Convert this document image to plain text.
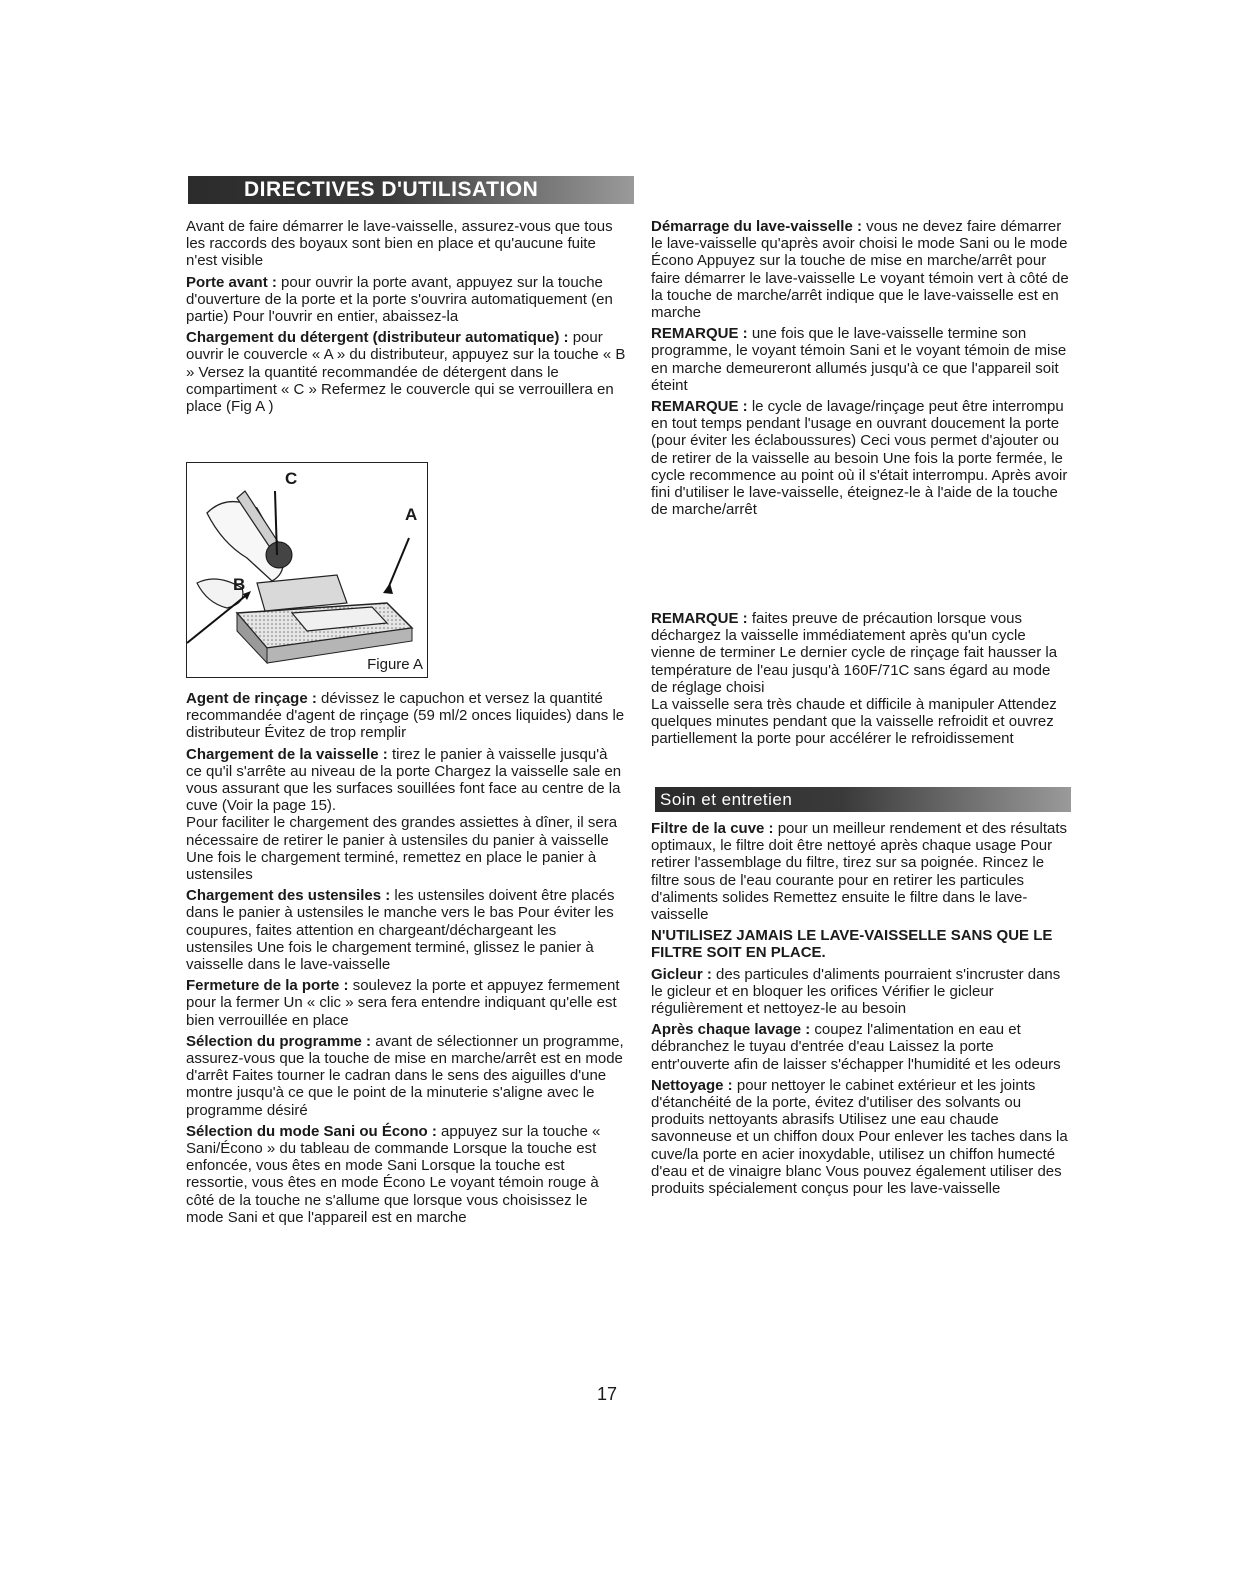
DIRECTIVES D'UTILISATION

Avant de faire démarrer le lave-vaisselle, assurez-vous que tous les raccords des boyaux sont bien en place et qu'aucune fuite n'est visible

Porte avant : pour ouvrir la porte avant, appuyez sur la touche d'ouverture de la porte et la porte s'ouvrira automatiquement (en partie) Pour l'ouvrir en entier, abaissez-la

Chargement du détergent (distributeur automatique) : pour ouvrir le couvercle « A » du distributeur, appuyez sur la touche « B » Versez la quantité recommandée de détergent dans le compartiment « C » Refermez le couvercle qui se verrouillera en place (Fig A )

C
A
B
Figure A

Agent de rinçage : dévissez le capuchon et versez la quantité recommandée d'agent de rinçage (59 ml/2 onces liquides) dans le distributeur Évitez de trop remplir

Chargement de la vaisselle : tirez le panier à vaisselle jusqu'à ce qu'il s'arrête au niveau de la porte Chargez la vaisselle sale en vous assurant que les surfaces souillées font face au centre de la cuve (Voir la page 15).

Pour faciliter le chargement des grandes assiettes à dîner, il sera nécessaire de retirer le panier à ustensiles du panier à vaisselle Une fois le chargement terminé, remettez en place le panier à ustensiles

Chargement des ustensiles : les ustensiles doivent être placés dans le panier à ustensiles le manche vers le bas Pour éviter les coupures, faites attention en chargeant/déchargeant les ustensiles Une fois le chargement terminé, glissez le panier à vaisselle dans le lave-vaisselle

Fermeture de la porte : soulevez la porte et appuyez fermement pour la fermer Un « clic » sera fera entendre indiquant qu'elle est bien verrouillée en place

Sélection du programme : avant de sélectionner un programme, assurez-vous que la touche de mise en marche/arrêt est en mode d'arrêt Faites tourner le cadran dans le sens des aiguilles d'une montre jusqu'à ce que le point de la minuterie s'aligne avec le programme désiré

Sélection du mode Sani ou Écono : appuyez sur la touche « Sani/Écono » du tableau de commande Lorsque la touche est enfoncée, vous êtes en mode Sani Lorsque la touche est ressortie, vous êtes en mode Écono Le voyant témoin rouge à côté de la touche ne s'allume que lorsque vous choisissez le mode Sani et que l'appareil est en marche

Démarrage du lave-vaisselle : vous ne devez faire démarrer le lave-vaisselle qu'après avoir choisi le mode Sani ou le mode Écono Appuyez sur la touche de mise en marche/arrêt pour faire démarrer le lave-vaisselle Le voyant témoin vert à côté de la touche de marche/arrêt indique que le lave-vaisselle est en marche

REMARQUE : une fois que le lave-vaisselle termine son programme, le voyant témoin Sani et le voyant témoin de mise en marche demeureront allumés jusqu'à ce que l'appareil soit éteint

REMARQUE : le cycle de lavage/rinçage peut être interrompu en tout temps pendant l'usage en ouvrant doucement la porte (pour éviter les éclaboussures) Ceci vous permet d'ajouter ou de retirer de la vaisselle au besoin Une fois la porte fermée, le cycle recommence au point où il s'était interrompu. Après avoir fini d'utiliser le lave-vaisselle, éteignez-le à l'aide de la touche de marche/arrêt

REMARQUE : faites preuve de précaution lorsque vous déchargez la vaisselle immédiatement après qu'un cycle vienne de terminer Le dernier cycle de rinçage fait hausser la température de l'eau jusqu'à 160F/71C sans égard au mode de réglage choisi

La vaisselle sera très chaude et difficile à manipuler Attendez quelques minutes pendant que la vaisselle refroidit et ouvrez partiellement la porte pour accélérer le refroidissement

Soin et entretien

Filtre de la cuve : pour un meilleur rendement et des résultats optimaux, le filtre doit être nettoyé après chaque usage Pour retirer l'assemblage du filtre, tirez sur sa poignée. Rincez le filtre sous de l'eau courante pour en retirer les particules d'aliments solides Remettez ensuite le filtre dans le lave-vaisselle

N'UTILISEZ JAMAIS LE LAVE-VAISSELLE SANS QUE LE FILTRE SOIT EN PLACE.

Gicleur : des particules d'aliments pourraient s'incruster dans le gicleur et en bloquer les orifices Vérifier le gicleur régulièrement et nettoyez-le au besoin

Après chaque lavage : coupez l'alimentation en eau et débranchez le tuyau d'entrée d'eau Laissez la porte entr'ouverte afin de laisser s'échapper l'humidité et les odeurs

Nettoyage : pour nettoyer le cabinet extérieur et les joints d'étanchéité de la porte, évitez d'utiliser des solvants ou produits nettoyants abrasifs Utilisez une eau chaude savonneuse et un chiffon doux Pour enlever les taches dans la cuve/la porte en acier inoxydable, utilisez un chiffon humecté d'eau et de vinaigre blanc Vous pouvez également utiliser des produits spécialement conçus pour les lave-vaisselle

17
